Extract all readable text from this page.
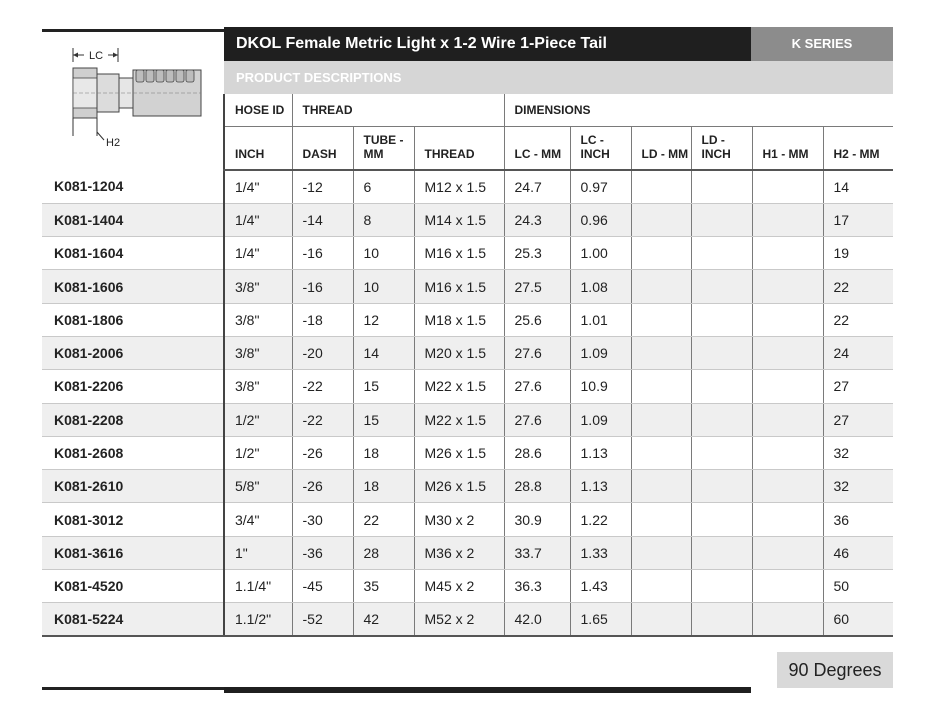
LC
H2
DKOL Female Metric Light x 1-2 Wire 1-Piece Tail	K SERIES
PRODUCT DESCRIPTIONS
	HOSE ID	THREAD			DIMENSIONS					
	INCH	DASH	TUBE - MM	THREAD	LC - MM	LC - INCH	LD - MM	LD - INCH	H1 - MM	H2 - MM
K081-1204	1/4"	-12	6	M12 x 1.5	24.7	0.97				14
K081-1404	1/4"	-14	8	M14 x 1.5	24.3	0.96				17
K081-1604	1/4"	-16	10	M16 x 1.5	25.3	1.00				19
K081-1606	3/8"	-16	10	M16 x 1.5	27.5	1.08				22
K081-1806	3/8"	-18	12	M18 x 1.5	25.6	1.01				22
K081-2006	3/8"	-20	14	M20 x 1.5	27.6	1.09				24
K081-2206	3/8"	-22	15	M22 x 1.5	27.6	10.9				27
K081-2208	1/2"	-22	15	M22 x 1.5	27.6	1.09				27
K081-2608	1/2"	-26	18	M26 x 1.5	28.6	1.13				32
K081-2610	5/8"	-26	18	M26 x 1.5	28.8	1.13				32
K081-3012	3/4"	-30	22	M30 x 2	30.9	1.22				36
K081-3616	1"	-36	28	M36 x 2	33.7	1.33				46
K081-4520	1.1/4"	-45	35	M45 x 2	36.3	1.43				50
K081-5224	1.1/2"	-52	42	M52 x 2	42.0	1.65				60
90 Degrees
